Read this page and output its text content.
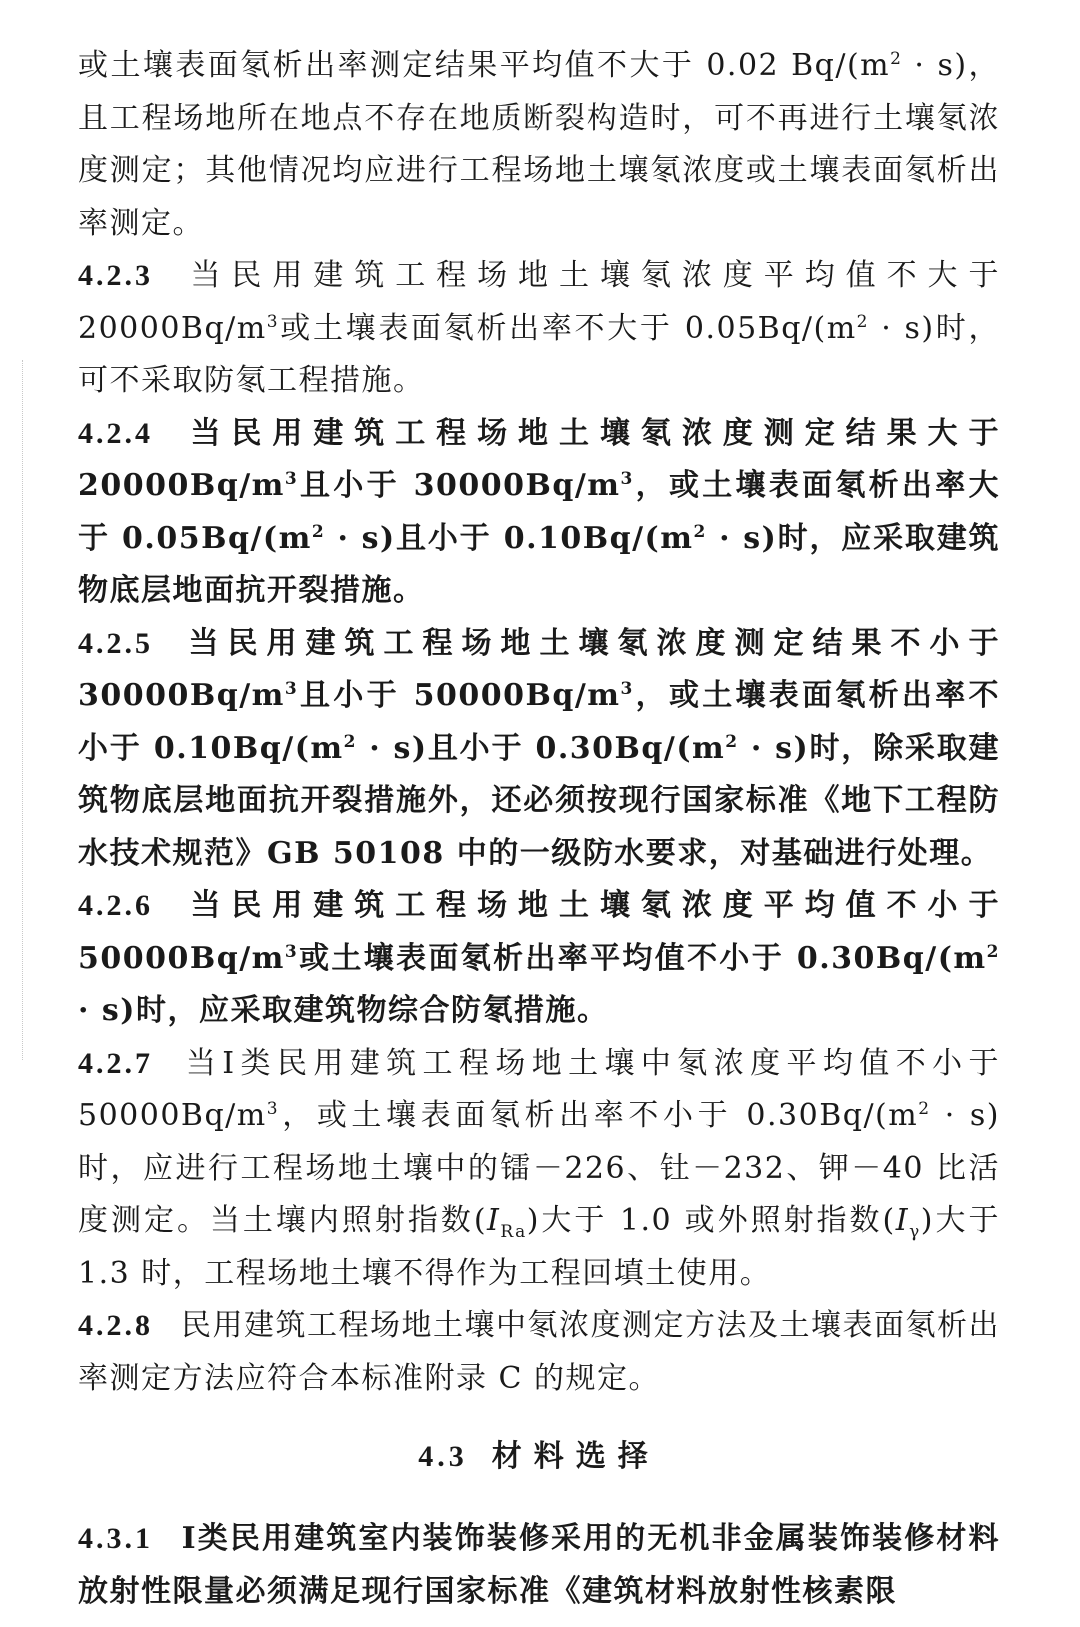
或土壤表面氡析出率测定结果平均值不大于 0.02 $Bq/(m^2 \cdot s)$，且工程场地所在地点不存在地质断裂构造时，可不再进行土壤氡浓度测定；其他情况均应进行工程场地土壤氡浓度或土壤表面氡析出率测定。

4.2.3 当民用建筑工程场地土壤氡浓度平均值不大于 $20000Bq/m^3$或土壤表面氡析出率不大于 $0.05Bq/(m^2 \cdot s)$时，可不采取防氡工程措施。

4.2.4 当民用建筑工程场地土壤氡浓度测定结果大于 $20000Bq/m^3$且小于 $30000Bq/m^3$，或土壤表面氡析出率大于 $0.05Bq/(m^2 \cdot s)$且小于 $0.10Bq/(m^2 \cdot s)$时，应采取建筑物底层地面抗开裂措施。

4.2.5 当民用建筑工程场地土壤氡浓度测定结果不小于 $30000Bq/m^3$且小于 $50000Bq/m^3$，或土壤表面氡析出率不小于 $0.10Bq/(m^2 \cdot s)$且小于 $0.30Bq/(m^2 \cdot s)$时，除采取建筑物底层地面抗开裂措施外，还必须按现行国家标准《地下工程防水技术规范》GB 50108 中的一级防水要求，对基础进行处理。

4.2.6 当民用建筑工程场地土壤氡浓度平均值不小于 $50000Bq/m^3$或土壤表面氡析出率平均值不小于 $0.30Bq/(m^2 \cdot s)$时，应采取建筑物综合防氡措施。

4.2.7 当Ⅰ类民用建筑工程场地土壤中氡浓度平均值不小于 $50000Bq/m^3$，或土壤表面氡析出率不小于 $0.30Bq/(m^2 \cdot s)$时，应进行工程场地土壤中的镭－226、钍－232、钾－40 比活度测定。当土壤内照射指数$(I_{Ra})$大于 1.0 或外照射指数$(I_\gamma)$大于 1.3 时，工程场地土壤不得作为工程回填土使用。

4.2.8 民用建筑工程场地土壤中氡浓度测定方法及土壤表面氡析出率测定方法应符合本标准附录 C 的规定。

4.3 材料选择

4.3.1 Ⅰ类民用建筑室内装饰装修采用的无机非金属装饰装修材料放射性限量必须满足现行国家标准《建筑材料放射性核素限
